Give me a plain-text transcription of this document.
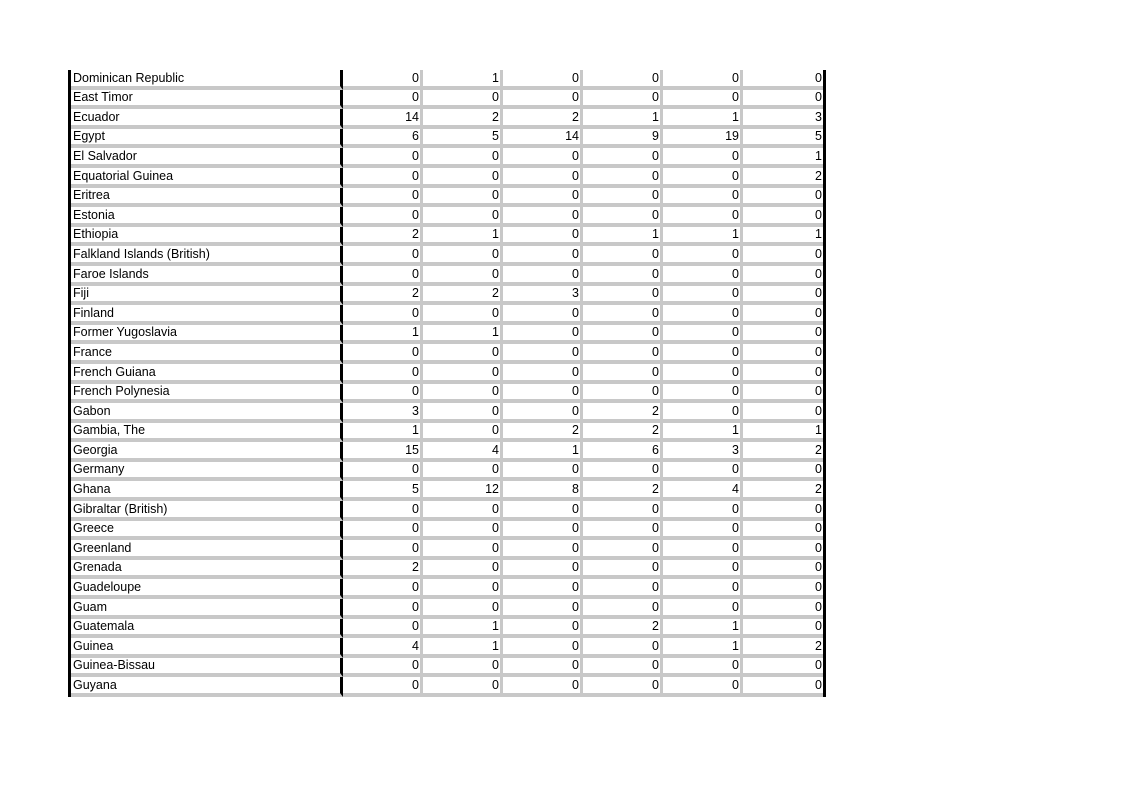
Dominican Republic	0	1	0	0	0	0
East Timor	0	0	0	0	0	0
Ecuador	14	2	2	1	1	3
Egypt	6	5	14	9	19	5
El Salvador	0	0	0	0	0	1
Equatorial Guinea	0	0	0	0	0	2
Eritrea	0	0	0	0	0	0
Estonia	0	0	0	0	0	0
Ethiopia	2	1	0	1	1	1
Falkland Islands (British)	0	0	0	0	0	0
Faroe Islands	0	0	0	0	0	0
Fiji	2	2	3	0	0	0
Finland	0	0	0	0	0	0
Former Yugoslavia	1	1	0	0	0	0
France	0	0	0	0	0	0
French Guiana	0	0	0	0	0	0
French Polynesia	0	0	0	0	0	0
Gabon	3	0	0	2	0	0
Gambia, The	1	0	2	2	1	1
Georgia	15	4	1	6	3	2
Germany	0	0	0	0	0	0
Ghana	5	12	8	2	4	2
Gibraltar (British)	0	0	0	0	0	0
Greece	0	0	0	0	0	0
Greenland	0	0	0	0	0	0
Grenada	2	0	0	0	0	0
Guadeloupe	0	0	0	0	0	0
Guam	0	0	0	0	0	0
Guatemala	0	1	0	2	1	0
Guinea	4	1	0	0	1	2
Guinea-Bissau	0	0	0	0	0	0
Guyana	0	0	0	0	0	0
